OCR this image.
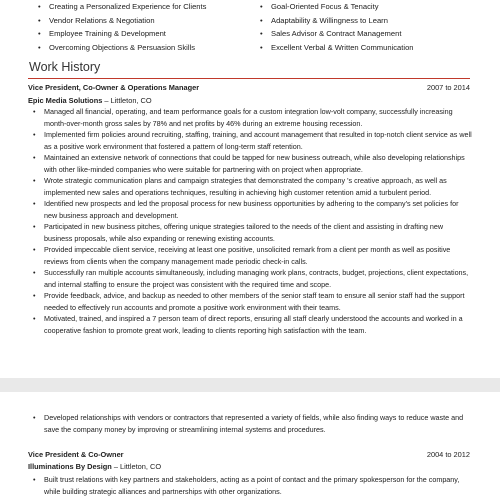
• Creating a Personalized Experience for Clients
• Vendor Relations & Negotiation
• Employee Training & Development
• Overcoming Objections & Persuasion Skills
• Goal-Oriented Focus & Tenacity
• Adaptability & Willingness to Learn
• Sales Advisor & Contract Management
• Excellent Verbal & Written Communication
Work History
Vice President, Co-Owner & Operations Manager	2007 to 2014
Epic Media Solutions – Littleton, CO
• Managed all financial, operating, and team performance goals for a custom integration low-volt company, successfully increasing month-over-month gross sales by 78% and net profits by 46% during an extreme housing recession.
• Implemented firm policies around recruiting, staffing, training, and account management that resulted in top-notch client service as well as a positive work environment that fostered a pattern of long-term staff retention.
• Maintained an extensive network of connections that could be tapped for new business outreach, while also developing relationships with other like-minded companies who were suitable for partnering with on project when appropriate.
• Wrote strategic communication plans and campaign strategies that demonstrated the company 's creative approach, as well as implemented new sales and operations techniques, resulting in achieving high customer retention amid a turbulent period.
• Identified new prospects and led the proposal process for new business opportunities by adhering to the company's set policies for new business approach and development.
• Participated in new business pitches, offering unique strategies tailored to the needs of the client and assisting in drafting new business proposals, while also expanding or renewing existing accounts.
• Provided impeccable client service, receiving at least one positive, unsolicited remark from a client per month as well as positive reviews from clients when the company management made periodic check-in calls.
• Successfully ran multiple accounts simultaneously, including managing work plans, contracts, budget, projections, client expectations, and internal staffing to ensure the project was consistent with the required time and scope.
• Provide feedback, advice, and backup as needed to other members of the senior staff team to ensure all senior staff had the support needed to effectively run accounts and promote a positive work environment with their teams.
• Motivated, trained, and inspired a 7 person team of direct reports, ensuring all staff clearly understood the accounts and worked in a cooperative fashion to promote great work, leading to clients reporting high satisfaction with the team.
• Developed relationships with vendors or contractors that represented a variety of fields, while also finding ways to reduce waste and save the company money by improving or streamlining internal systems and procedures.
Vice President & Co-Owner	2004 to 2012
Illuminations By Design – Littleton, CO
• Built trust relations with key partners and stakeholders, acting as a point of contact and the primary spokesperson for the company, while building strategic alliances and partnerships with other organizations.
